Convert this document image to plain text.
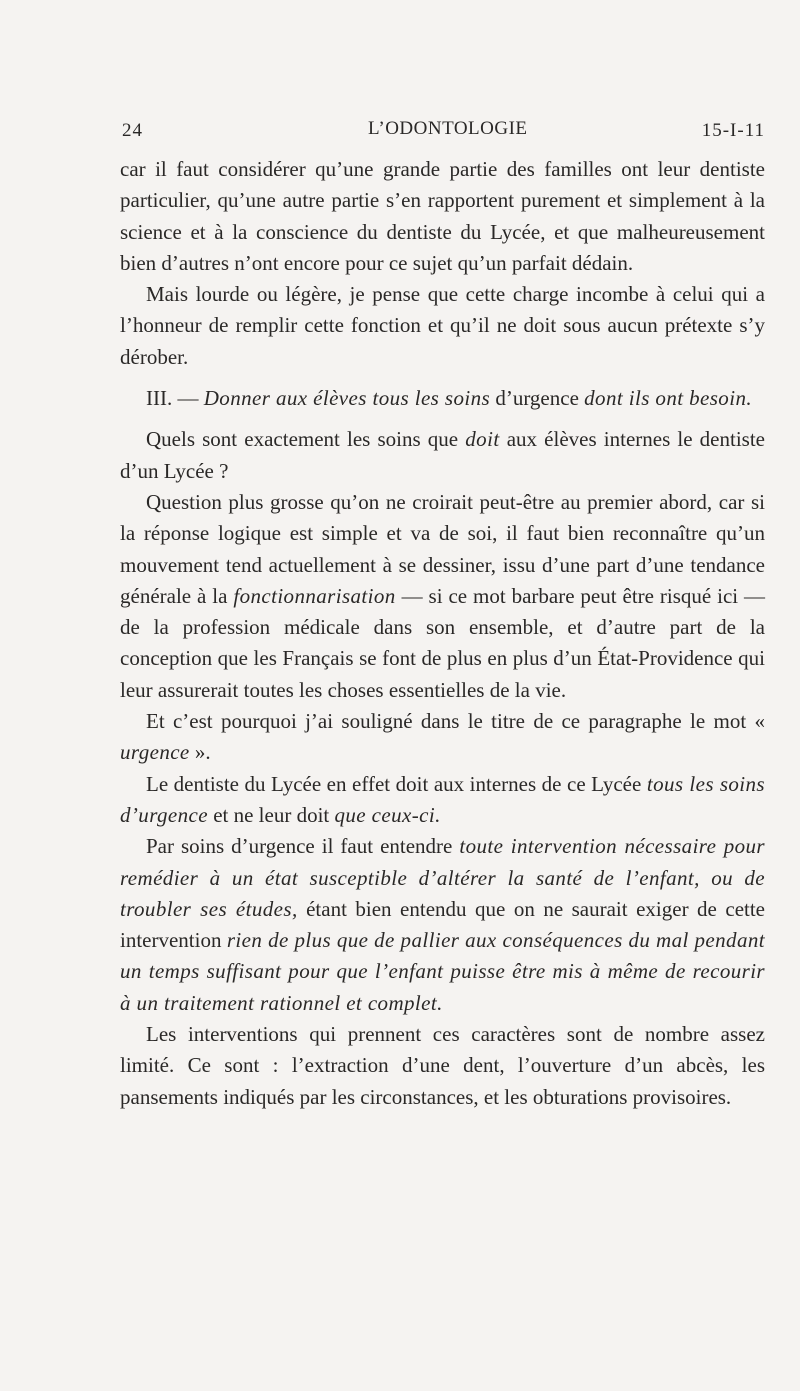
24	L’ODONTOLOGIE	15-I-11

car il faut considérer qu’une grande partie des familles ont leur dentiste particulier, qu’une autre partie s’en rapportent purement et simplement à la science et à la conscience du dentiste du Lycée, et que malheureusement bien d’autres n’ont encore pour ce sujet qu’un parfait dédain.

Mais lourde ou légère, je pense que cette charge incombe à celui qui a l’honneur de remplir cette fonction et qu’il ne doit sous aucun prétexte s’y dérober.

III. — Donner aux élèves tous les soins d’urgence dont ils ont besoin.

Quels sont exactement les soins que doit aux élèves internes le dentiste d’un Lycée ?

Question plus grosse qu’on ne croirait peut-être au premier abord, car si la réponse logique est simple et va de soi, il faut bien reconnaître qu’un mouvement tend actuellement à se dessiner, issu d’une part d’une tendance générale à la fonctionnarisation — si ce mot barbare peut être risqué ici — de la profession médicale dans son ensemble, et d’autre part de la conception que les Français se font de plus en plus d’un État-Providence qui leur assurerait toutes les choses essentielles de la vie.

Et c’est pourquoi j’ai souligné dans le titre de ce paragraphe le mot « urgence ».

Le dentiste du Lycée en effet doit aux internes de ce Lycée tous les soins d’urgence et ne leur doit que ceux-ci.

Par soins d’urgence il faut entendre toute intervention nécessaire pour remédier à un état susceptible d’altérer la santé de l’enfant, ou de troubler ses études, étant bien entendu que on ne saurait exiger de cette intervention rien de plus que de pallier aux conséquences du mal pendant un temps suffisant pour que l’enfant puisse être mis à même de recourir à un traitement rationnel et complet.

Les interventions qui prennent ces caractères sont de nombre assez limité. Ce sont : l’extraction d’une dent, l’ouverture d’un abcès, les pansements indiqués par les circonstances, et les obturations provisoires.
